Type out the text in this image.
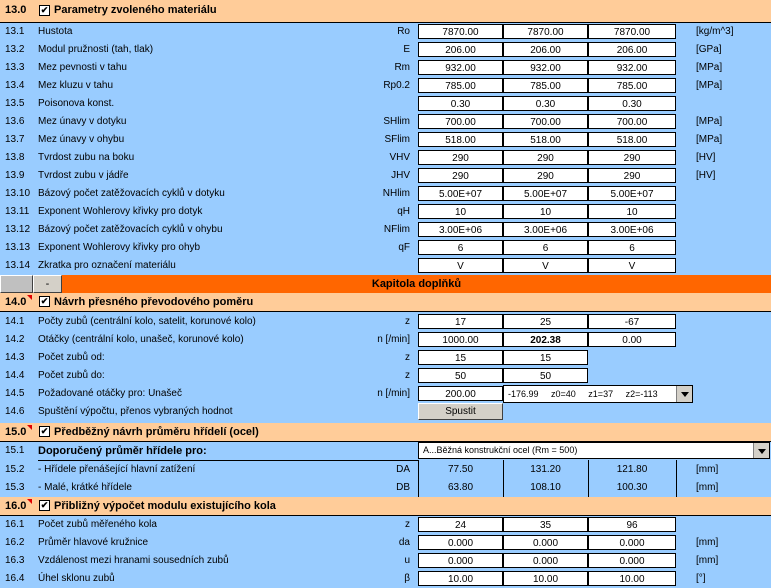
13.0 ✔ Parametry zvoleného materiálu
13.1 Hustota	Ro	7870.00	7870.00	7870.00	[kg/m^3]
13.2 Modul pružnosti (tah, tlak)	E	206.00	206.00	206.00	[GPa]
13.3 Mez pevnosti v tahu	Rm	932.00	932.00	932.00	[MPa]
13.4 Mez kluzu v tahu	Rp0.2	785.00	785.00	785.00	[MPa]
13.5 Poisonova konst.	0.30	0.30	0.30
13.6 Mez únavy v dotyku	SHlim	700.00	700.00	700.00	[MPa]
13.7 Mez únavy v ohybu	SFlim	518.00	518.00	518.00	[MPa]
13.8 Tvrdost zubu na boku	VHV	290	290	290	[HV]
13.9 Tvrdost zubu v jádře	JHV	290	290	290	[HV]
13.10 Bázový počet zatěžovacích cyklů v dotyku	NHlim	5.00E+07	5.00E+07	5.00E+07
13.11 Exponent Wohlerovy křivky pro dotyk	qH	10	10	10
13.12 Bázový počet zatěžovacích cyklů v ohybu	NFlim	3.00E+06	3.00E+06	3.00E+06
13.13 Exponent Wohlerovy křivky pro ohyb	qF	6	6	6
13.14 Zkratka pro označení materiálu	V	V	V
-	Kapitola doplňků
14.0 ✔ Návrh přesného převodového poměru
14.1 Počty zubů (centrální kolo, satelit, korunové kolo)	z	17	25	-67
14.2 Otáčky (centrální kolo, unašeč, korunové kolo)	n [/min]	1000.00	202.38	0.00
14.3 Počet zubů od:	z	15	15
14.4 Počet zubů do:	z	50	50
14.5 Požadované otáčky pro: Unašeč	n [/min]	200.00	-176.99     z0=40     z1=37     z2=-113
14.6 Spuštění výpočtu, přenos vybraných hodnot	Spustit
15.0 ✔ Předběžný návrh průměru hřídelí (ocel)
15.1 Doporučený průměr hřídele pro:	A...Běžná konstrukční ocel (Rm = 500)
15.2 - Hřídele přenášející hlavní zatížení	DA	77.50	131.20	121.80	[mm]
15.3 - Malé, krátké hřídele	DB	63.80	108.10	100.30	[mm]
16.0 ✔ Přibližný výpočet modulu existujícího kola
16.1 Počet zubů měřeného kola	z	24	35	96
16.2 Průměr hlavové kružnice	da	0.000	0.000	0.000	[mm]
16.3 Vzdálenost mezi hranami sousedních zubů	u	0.000	0.000	0.000	[mm]
16.4 Úhel sklonu zubů	β	10.00	10.00	10.00	[°]
